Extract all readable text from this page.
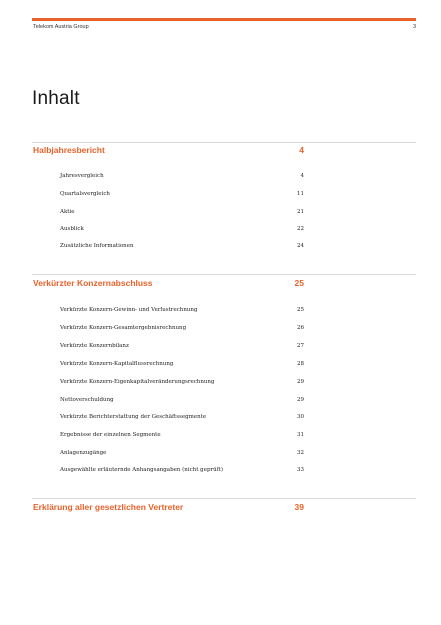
Telekom Austria Group	3
Inhalt
Halbjahresbericht	4
Jahresvergleich	4
Quartalsvergleich	11
Aktie	21
Ausblick	22
Zusätzliche Informationen	24
Verkürzter Konzernabschluss	25
Verkürzte Konzern-Gewinn- und Verlustrechnung	25
Verkürzte Konzern-Gesamtergebnisrechnung	26
Verkürzte Konzernbilanz	27
Verkürzte Konzern-Kapitalflussrechnung	28
Verkürzte Konzern-Eigenkapitalveränderungsrechnung	29
Nettoverschuldung	29
Verkürzte Berichterstattung der Geschäftssegmente	30
Ergebnisse der einzelnen Segmente	31
Anlagenzugänge	32
Ausgewählte erläuternde Anhangsangaben (nicht geprüft)	33
Erklärung aller gesetzlichen Vertreter	39
